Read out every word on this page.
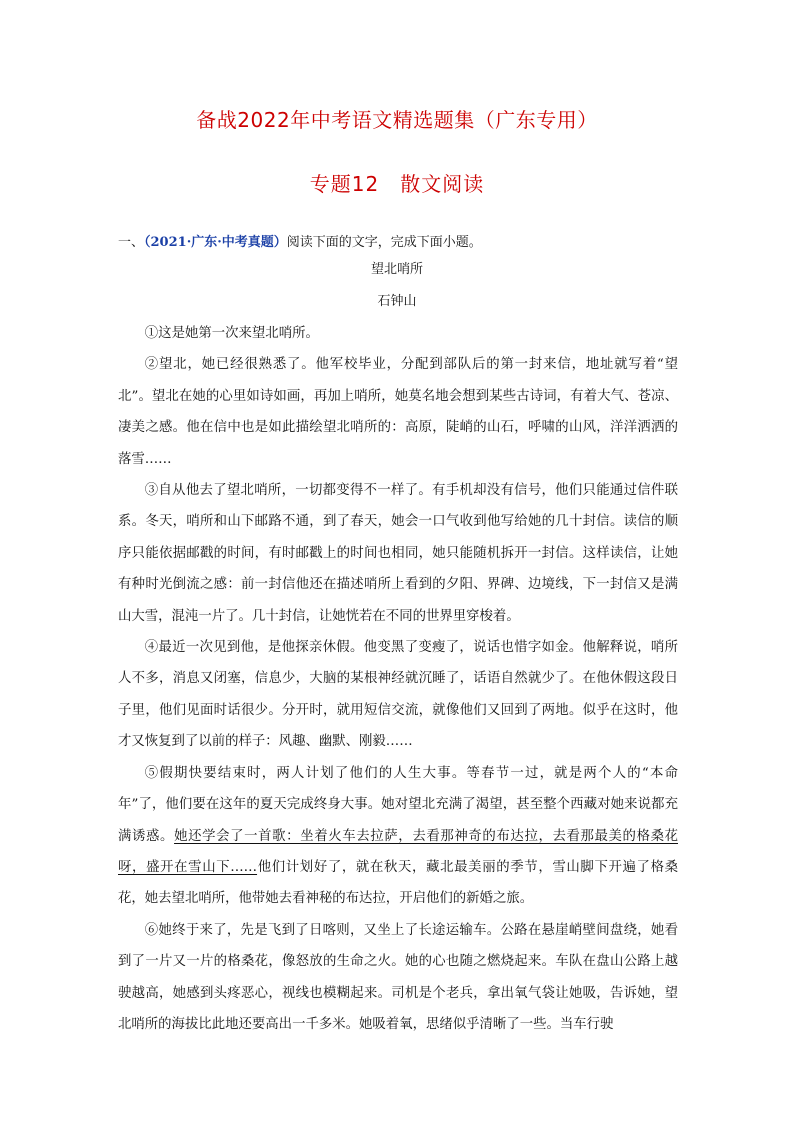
备战2022年中考语文精选题集（广东专用）
专题12　散文阅读
一、（2021·广东·中考真题）阅读下面的文字，完成下面小题。
望北哨所
石钟山

①这是她第一次来望北哨所。

②望北，她已经很熟悉了。他军校毕业，分配到部队后的第一封来信，地址就写着“望北”。望北在她的心里如诗如画，再加上哨所，她莫名地会想到某些古诗词，有着大气、苍凉、凄美之感。他在信中也是如此描绘望北哨所的：高原，陡峭的山石，呼啸的山风，洋洋洒洒的落雪……

③自从他去了望北哨所，一切都变得不一样了。有手机却没有信号，他们只能通过信件联系。冬天，哨所和山下邮路不通，到了春天，她会一口气收到他写给她的几十封信。读信的顺序只能依据邮戳的时间，有时邮戳上的时间也相同，她只能随机拆开一封信。这样读信，让她有种时光倒流之感：前一封信他还在描述哨所上看到的夕阳、界碑、边境线，下一封信又是满山大雪，混沌一片了。几十封信，让她恍若在不同的世界里穿梭着。

④最近一次见到他，是他探亲休假。他变黑了变瘦了，说话也惜字如金。他解释说，哨所人不多，消息又闭塞，信息少，大脑的某根神经就沉睡了，话语自然就少了。在他休假这段日子里，他们见面时话很少。分开时，就用短信交流，就像他们又回到了两地。似乎在这时，他才又恢复到了以前的样子：风趣、幽默、刚毅……

⑤假期快要结束时，两人计划了他们的人生大事。等春节一过，就是两个人的“本命年”了，他们要在这年的夏天完成终身大事。她对望北充满了渴望，甚至整个西藏对她来说都充满诱惑。她还学会了一首歌：坐着火车去拉萨，去看那神奇的布达拉，去看那最美的格桑花呀，盛开在雪山下……他们计划好了，就在秋天，藏北最美丽的季节，雪山脚下开遍了格桑花，她去望北哨所，他带她去看神秘的布达拉，开启他们的新婚之旅。

⑥她终于来了，先是飞到了日喀则，又坐上了长途运输车。公路在悬崖峭壁间盘绕，她看到了一片又一片的格桑花，像怒放的生命之火。她的心也随之燃烧起来。车队在盘山公路上越驶越高，她感到头疼恶心，视线也模糊起来。司机是个老兵，拿出氧气袋让她吸，告诉她，望北哨所的海拔比此地还要高出一千多米。她吸着氧，思绪似乎清晰了一些。当车行驶
